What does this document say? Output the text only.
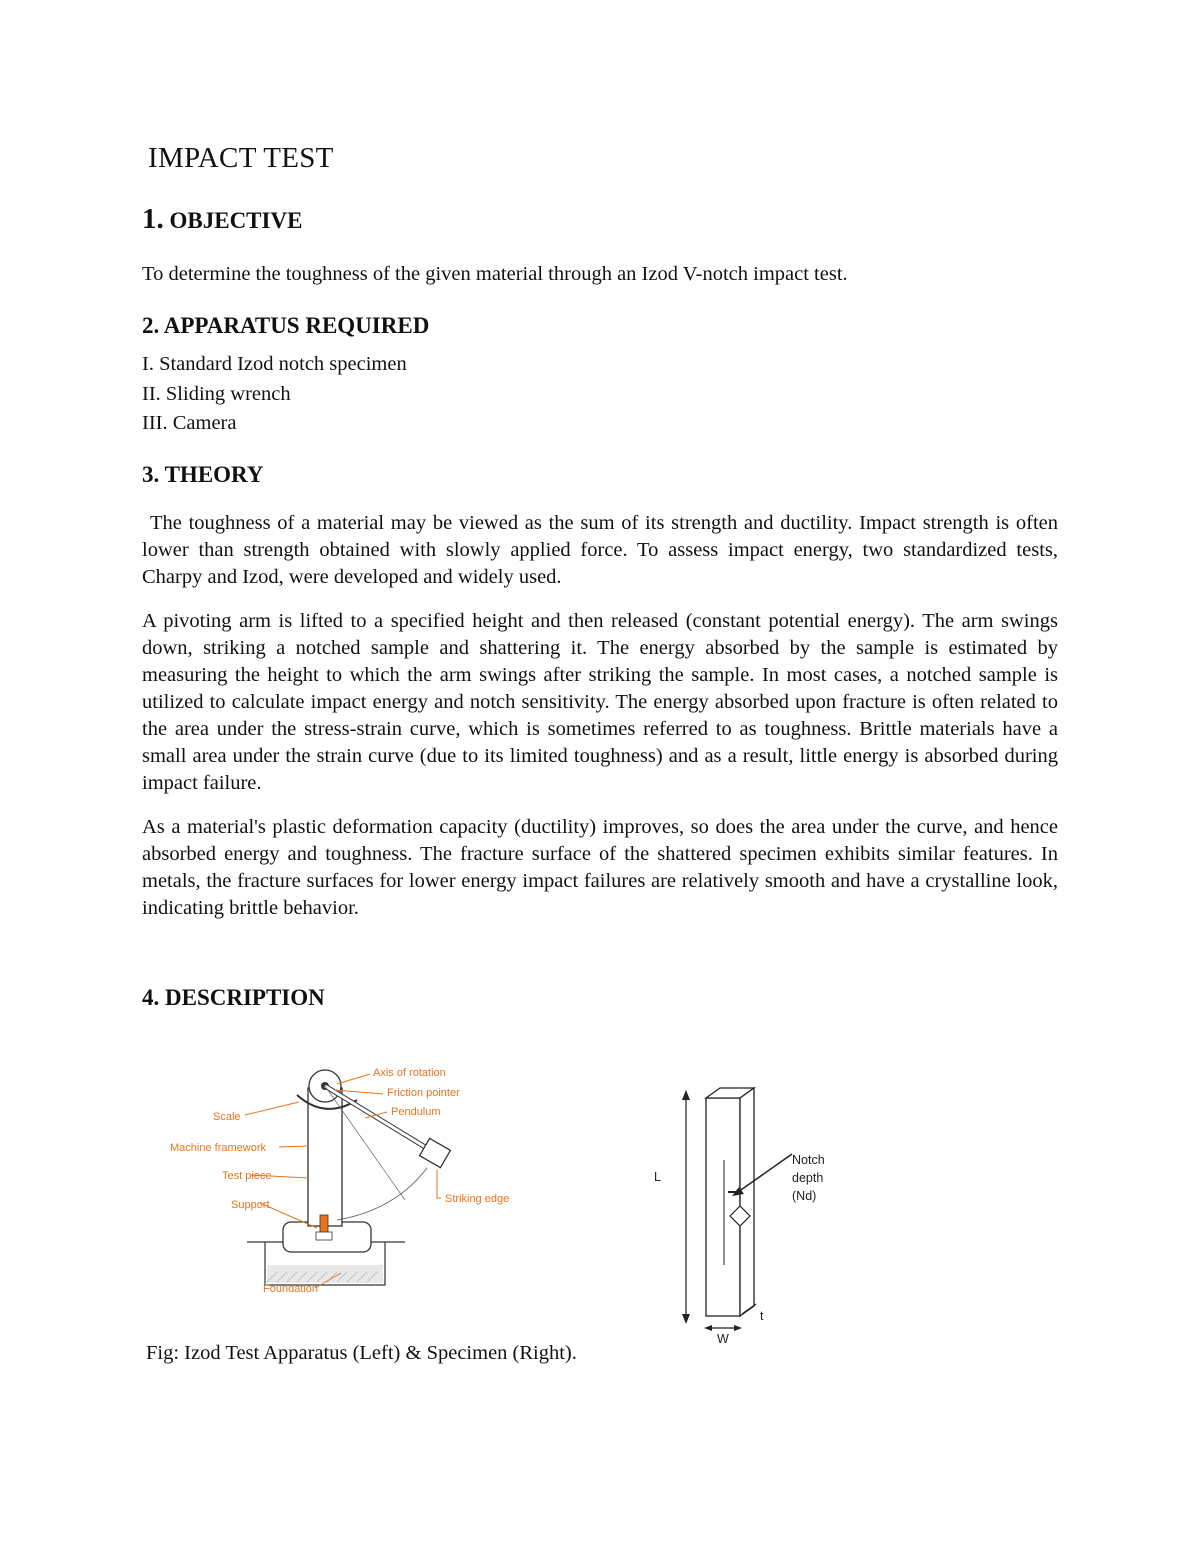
IMPACT TEST
1. OBJECTIVE

To determine the toughness of the given material through an Izod V-notch impact test.

2. APPARATUS REQUIRED
I. Standard Izod notch specimen
II. Sliding wrench
III. Camera
3. THEORY

The toughness of a material may be viewed as the sum of its strength and ductility. Impact strength is often lower than strength obtained with slowly applied force. To assess impact energy, two standardized tests, Charpy and Izod, were developed and widely used.

A pivoting arm is lifted to a specified height and then released (constant potential energy). The arm swings down, striking a notched sample and shattering it. The energy absorbed by the sample is estimated by measuring the height to which the arm swings after striking the sample. In most cases, a notched sample is utilized to calculate impact energy and notch sensitivity. The energy absorbed upon fracture is often related to the area under the stress-strain curve, which is sometimes referred to as toughness. Brittle materials have a small area under the strain curve (due to its limited toughness) and as a result, little energy is absorbed during impact failure.

As a material's plastic deformation capacity (ductility) improves, so does the area under the curve, and hence absorbed energy and toughness. The fracture surface of the shattered specimen exhibits similar features. In metals, the fracture surfaces for lower energy impact failures are relatively smooth and have a crystalline look, indicating brittle behavior.

4. DESCRIPTION
Axis of rotation
Friction pointer
Pendulum
Scale
Machine framework
Test piece
Support	Striking edge
Foundation
L
Notch
depth
(Nd)
t
W

Fig: Izod Test Apparatus (Left) & Specimen (Right).
